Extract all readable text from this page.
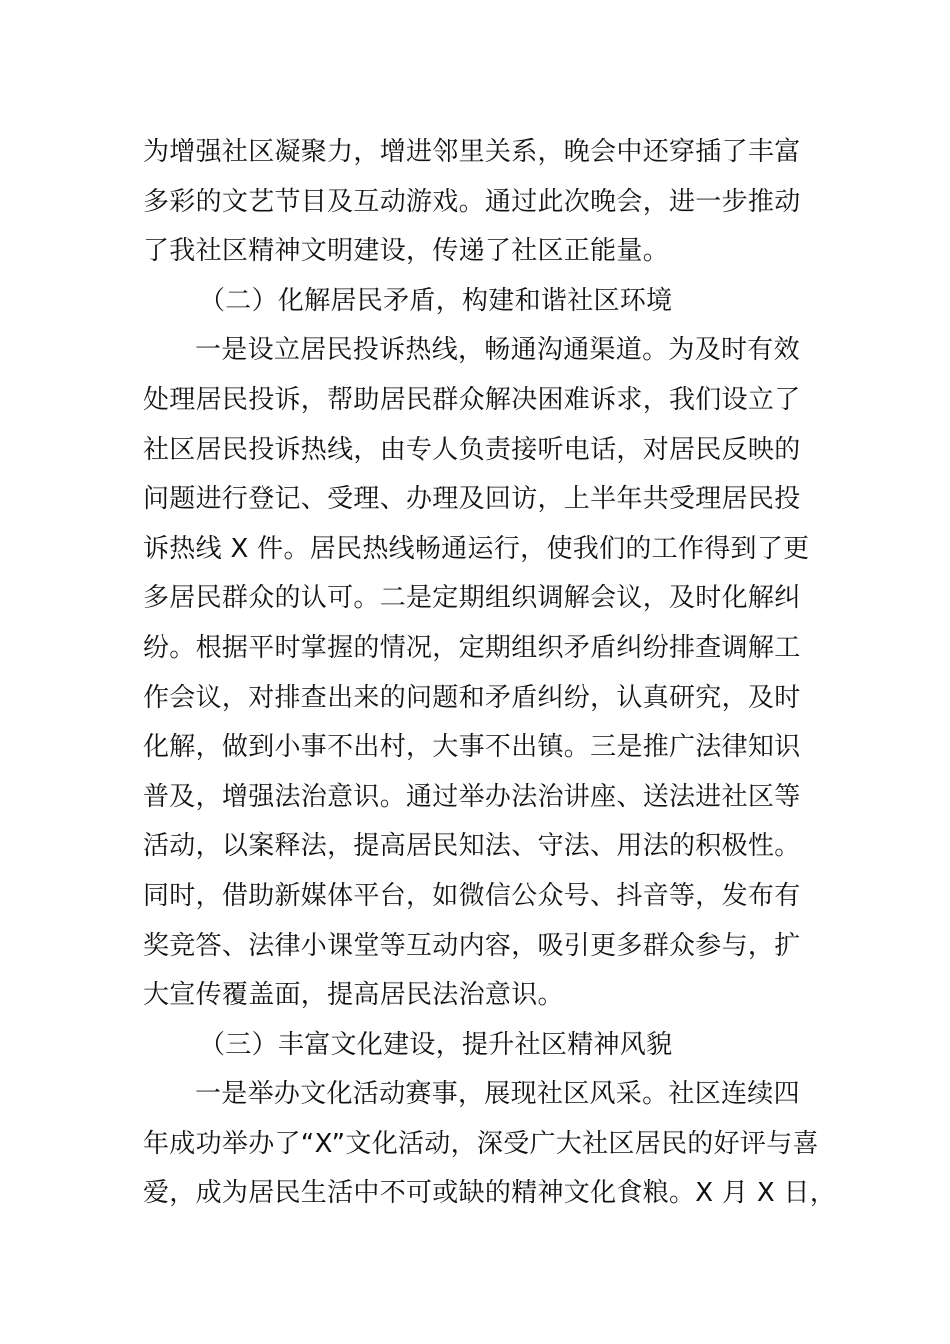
为增强社区凝聚力，增进邻里关系，晚会中还穿插了丰富
多彩的文艺节目及互动游戏。通过此次晚会，进一步推动
了我社区精神文明建设，传递了社区正能量。
（二）化解居民矛盾，构建和谐社区环境
一是设立居民投诉热线，畅通沟通渠道。为及时有效
处理居民投诉，帮助居民群众解决困难诉求，我们设立了
社区居民投诉热线，由专人负责接听电话，对居民反映的
问题进行登记、受理、办理及回访，上半年共受理居民投
诉热线 X 件。居民热线畅通运行，使我们的工作得到了更
多居民群众的认可。二是定期组织调解会议，及时化解纠
纷。根据平时掌握的情况，定期组织矛盾纠纷排查调解工
作会议，对排查出来的问题和矛盾纠纷，认真研究，及时
化解，做到小事不出村，大事不出镇。三是推广法律知识
普及，增强法治意识。通过举办法治讲座、送法进社区等
活动，以案释法，提高居民知法、守法、用法的积极性。
同时，借助新媒体平台，如微信公众号、抖音等，发布有
奖竞答、法律小课堂等互动内容，吸引更多群众参与，扩
大宣传覆盖面，提高居民法治意识。
（三）丰富文化建设，提升社区精神风貌
一是举办文化活动赛事，展现社区风采。社区连续四
年成功举办了“X”文化活动，深受广大社区居民的好评与喜
爱，成为居民生活中不可或缺的精神文化食粮。X 月 X 日，
